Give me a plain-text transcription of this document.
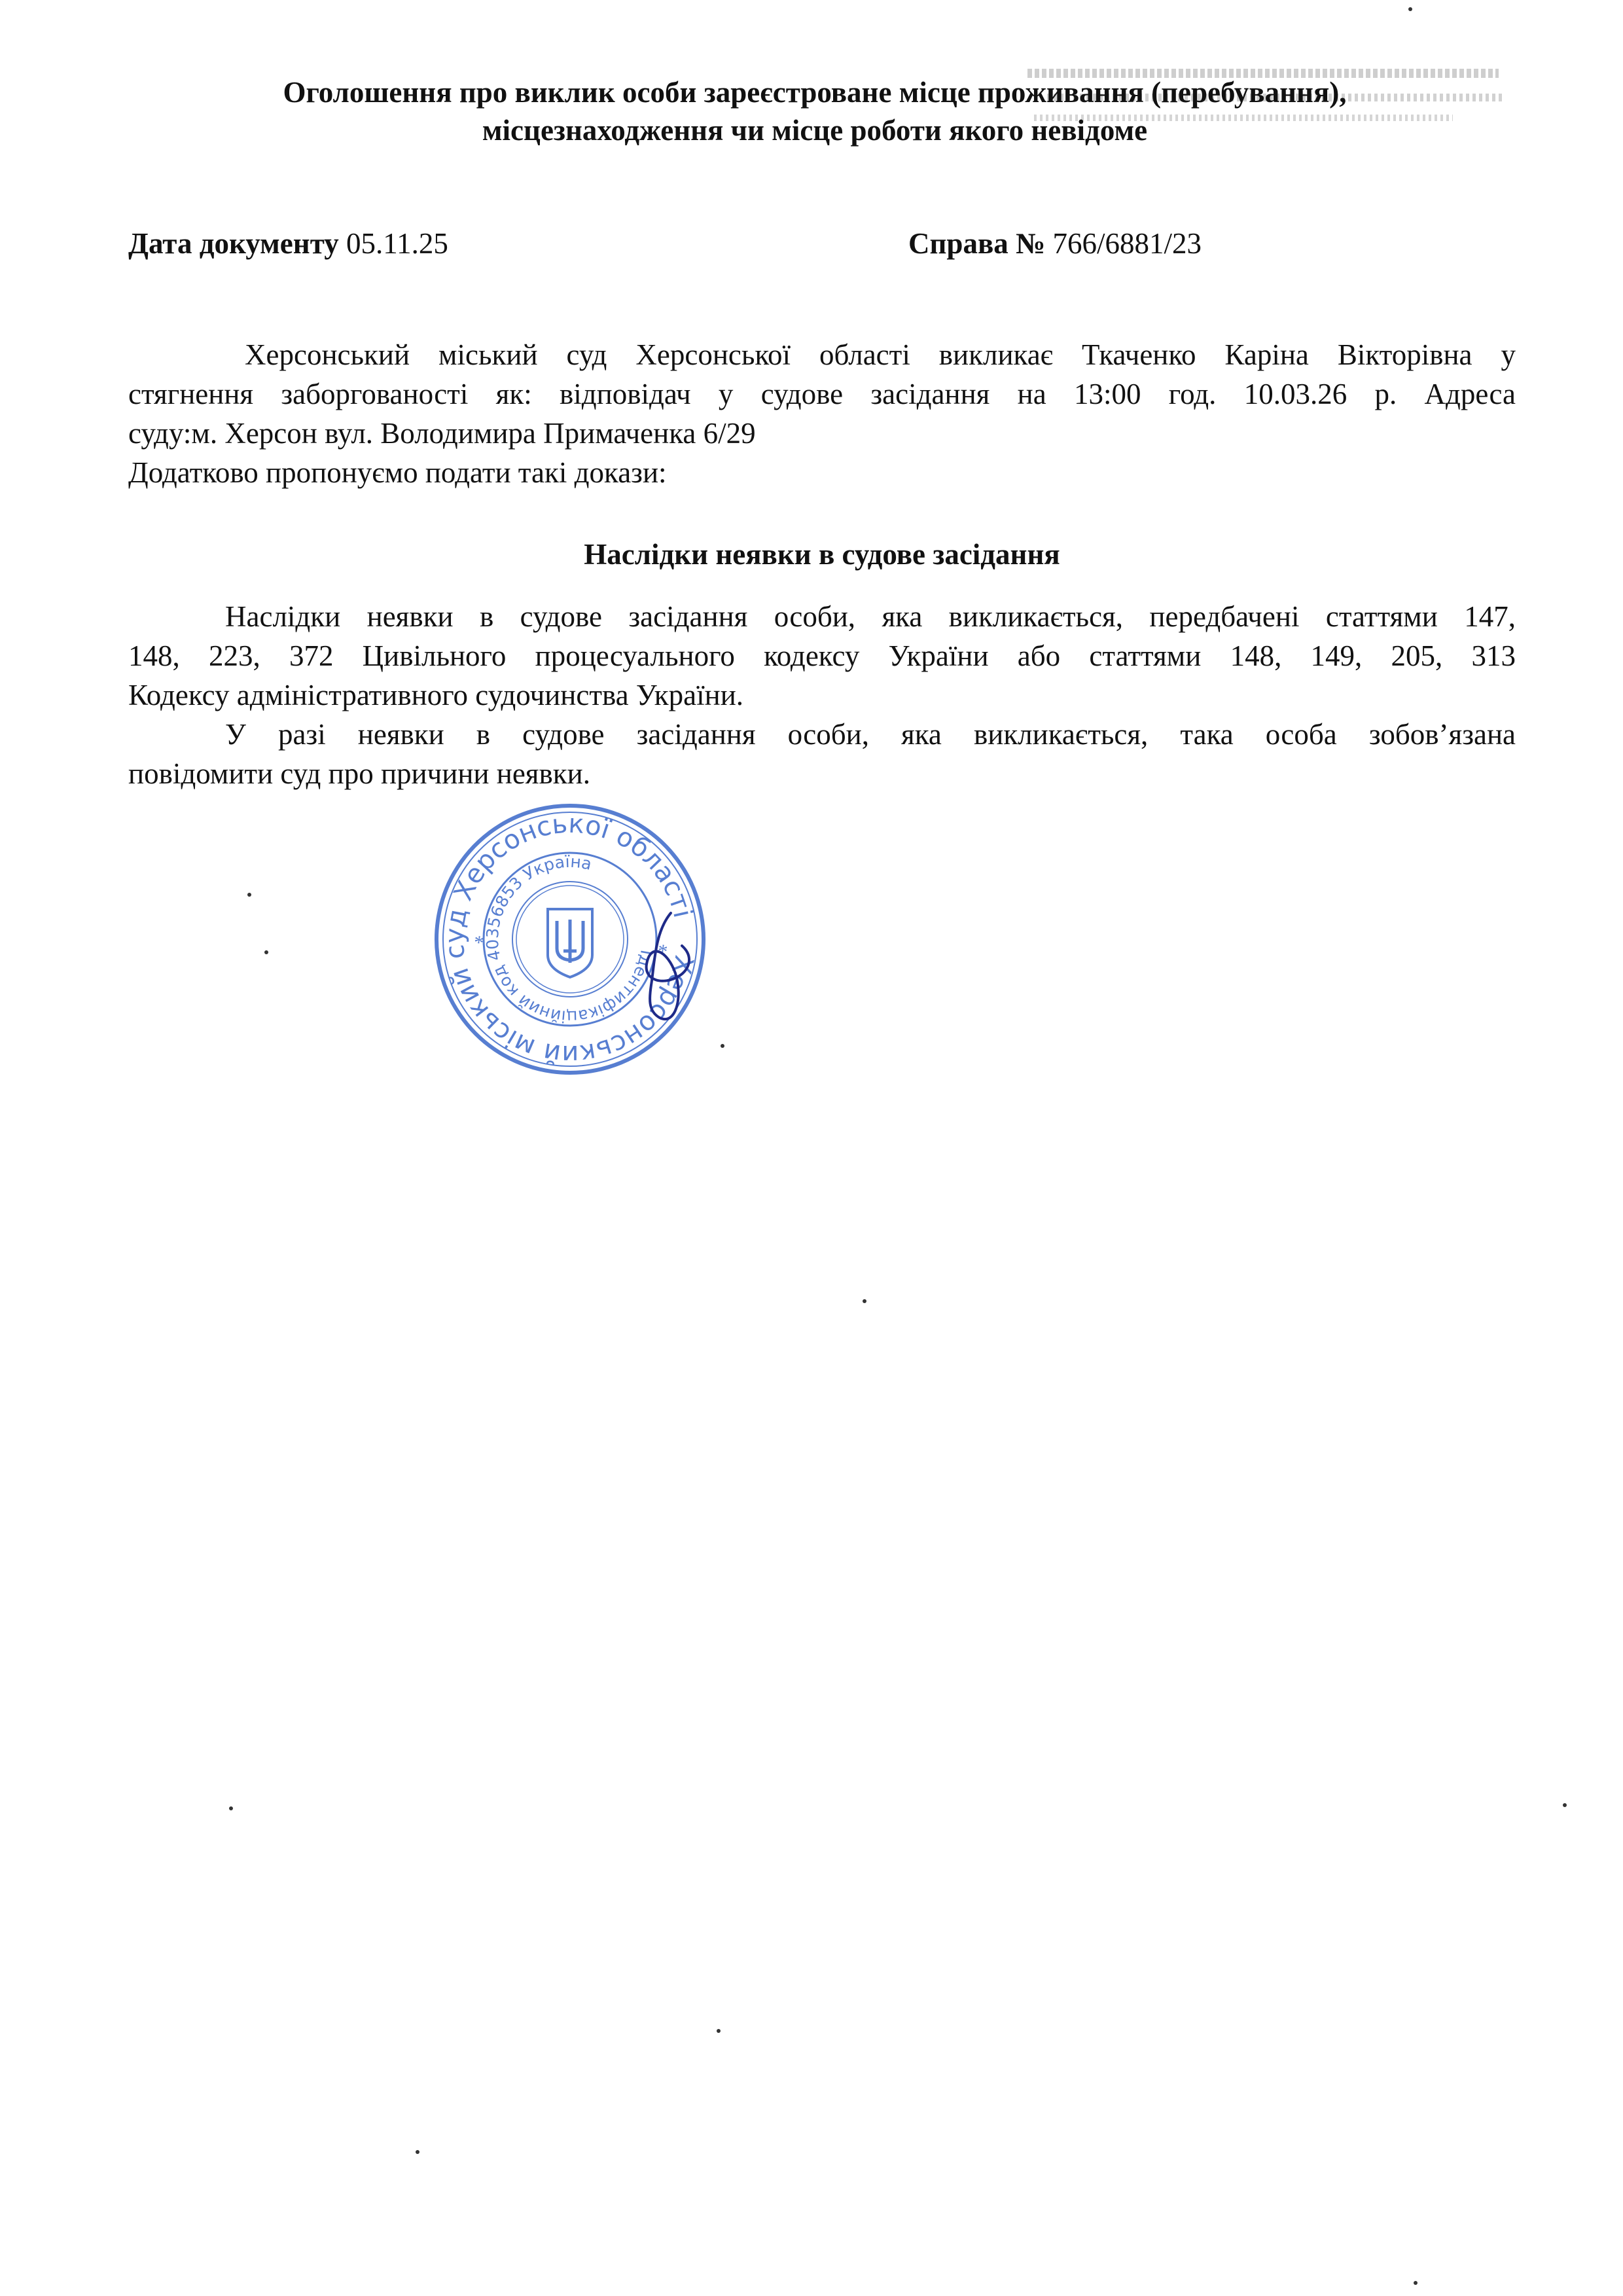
Оголошення про виклик особи зареєстроване місце проживання (перебування),
місцезнаходження чи місце роботи якого невідоме
Дата документу 05.11.25	Справа № 766/6881/23
Херсонський міський суд Херсонської області викликає Ткаченко Каріна Вікторівна у
стягнення заборгованості як: відповідач у судове засідання на 13:00 год. 10.03.26 р. Адреса
суду:м. Херсон вул. Володимира Примаченка 6/29
Додатково пропонуємо подати такі докази:
Наслідки неявки в судове засідання
Наслідки неявки в судове засідання особи, яка викликається, передбачені статтями 147,
148, 223, 372 Цивільного процесуального кодексу України або статтями 148, 149, 205, 313
Кодексу адміністративного судочинства України.
У разі неявки в судове засідання особи, яка викликається, така особа зобов’язана
повідомити суд про причини неявки.
Херсонський міський суд Херсонської області
Ідентифікаційний код 40356853 Україна
*
*
